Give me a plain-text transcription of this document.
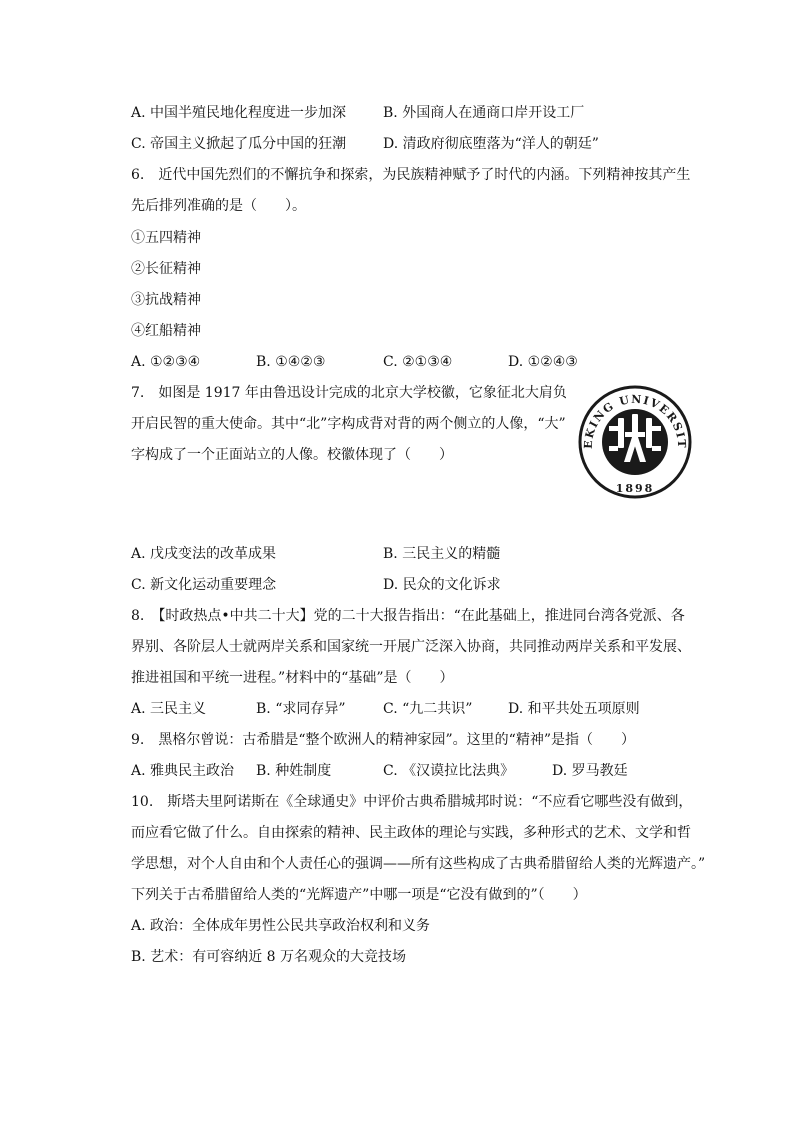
A. 中国半殖民地化程度进一步加深	B. 外国商人在通商口岸开设工厂
C. 帝国主义掀起了瓜分中国的狂潮	D. 清政府彻底堕落为“洋人的朝廷”
6.　近代中国先烈们的不懈抗争和探索，为民族精神赋予了时代的内涵。下列精神按其产生
先后排列准确的是（　　）。
①五四精神
②长征精神
③抗战精神
④红船精神
A. ①②③④	B. ①④②③	C. ②①③④	D. ①②④③
7.　如图是 1917 年由鲁迅设计完成的北京大学校徽，它象征北大肩负
开启民智的重大使命。其中“北”字构成背对背的两个侧立的人像，“大”
字构成了一个正面站立的人像。校徽体现了（　　）
EKING UNIVERSIT
1898
A. 戊戌变法的改革成果	B. 三民主义的精髓
C. 新文化运动重要理念	D. 民众的文化诉求
8.　【时政热点•中共二十大】党的二十大报告指出：“在此基础上，推进同台湾各党派、各
界别、各阶层人士就两岸关系和国家统一开展广泛深入协商，共同推动两岸关系和平发展、
推进祖国和平统一进程。”材料中的“基础”是（　　）
A. 三民主义	B. “求同存异”	C. “九二共识”	D. 和平共处五项原则
9.　黑格尔曾说：古希腊是“整个欧洲人的精神家园”。这里的“精神”是指（　　）
A. 雅典民主政治 B. 种姓制度	C. 《汉谟拉比法典》	D. 罗马教廷
10.　斯塔夫里阿诺斯在《全球通史》中评价古典希腊城邦时说：“不应看它哪些没有做到，
而应看它做了什么。自由探索的精神、民主政体的理论与实践，多种形式的艺术、文学和哲
学思想，对个人自由和个人责任心的强调——所有这些构成了古典希腊留给人类的光辉遗产。”
下列关于古希腊留给人类的“光辉遗产”中哪一项是“它没有做到的”（　　）
A. 政治：全体成年男性公民共享政治权利和义务
B. 艺术：有可容纳近 8 万名观众的大竞技场
